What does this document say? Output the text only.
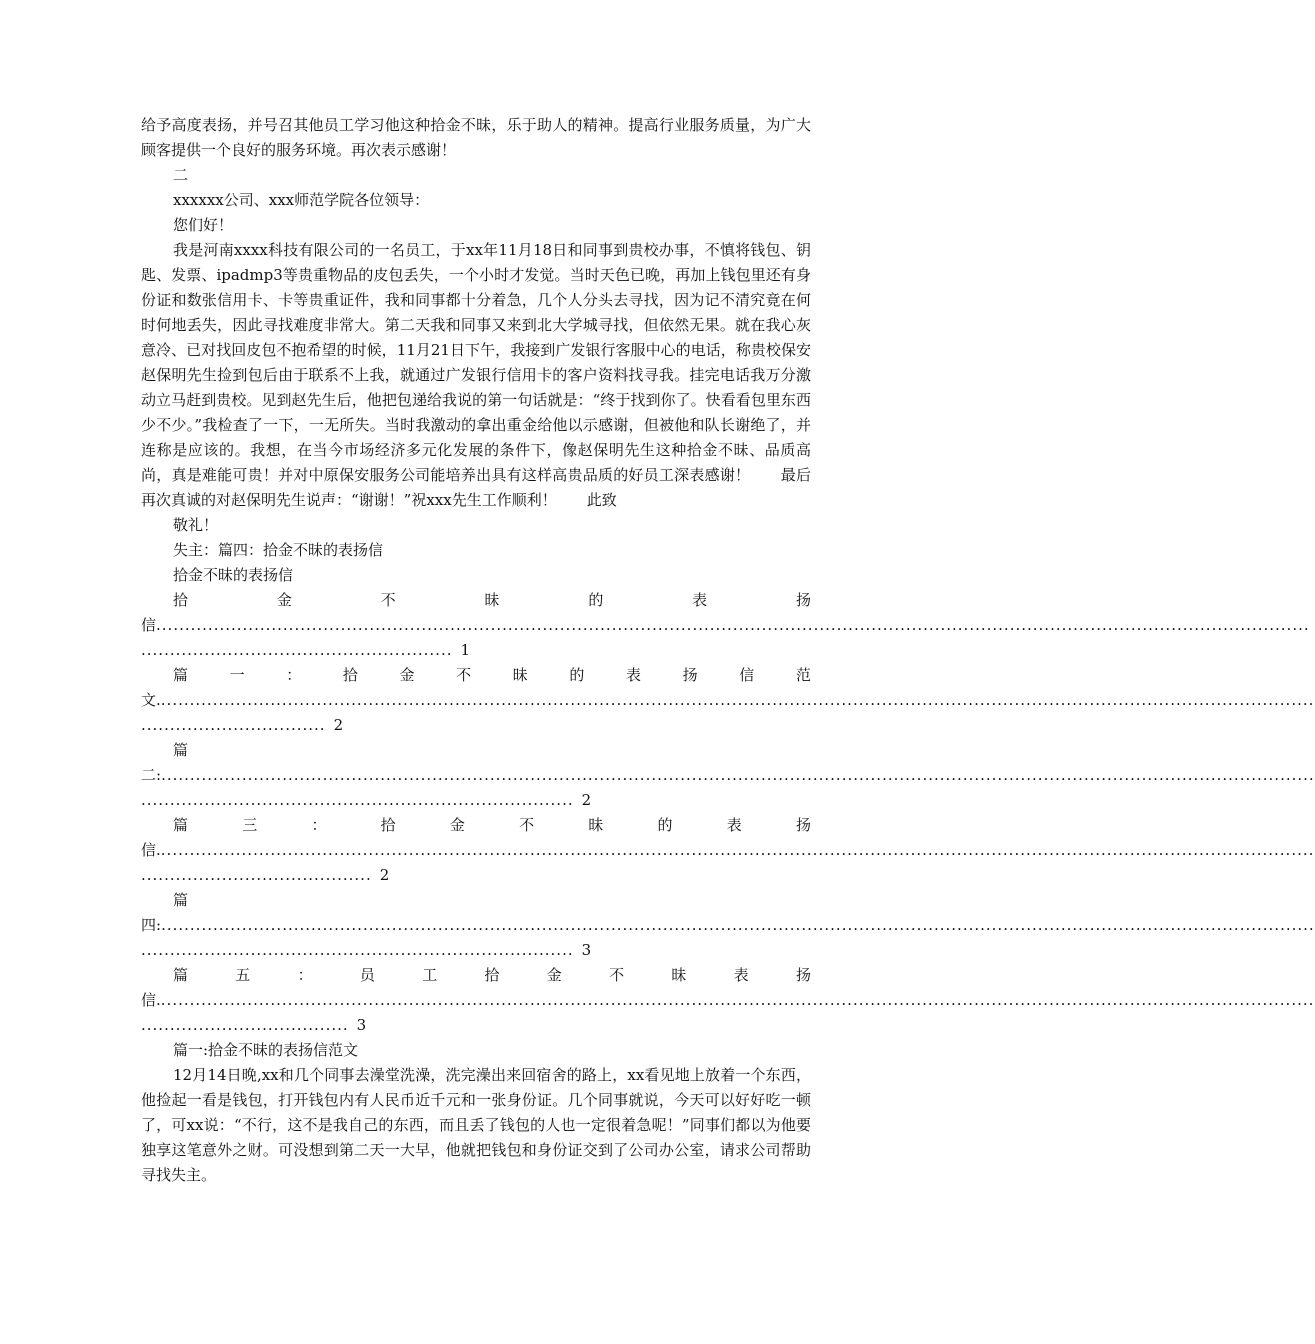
给予高度表扬，并号召其他员工学习他这种拾金不昧，乐于助人的精神。提高行业服务质量，为广大顾客提供一个良好的服务环境。再次表示感谢！

二

xxxxxx公司、xxx师范学院各位领导：

您们好！

我是河南xxxx科技有限公司的一名员工，于xx年11月18日和同事到贵校办事，不慎将钱包、钥匙、发票、ipadmp3等贵重物品的皮包丢失，一个小时才发觉。当时天色已晚，再加上钱包里还有身份证和数张信用卡、卡等贵重证件，我和同事都十分着急，几个人分头去寻找，因为记不清究竟在何时何地丢失，因此寻找难度非常大。第二天我和同事又来到北大学城寻找，但依然无果。就在我心灰意冷、已对找回皮包不抱希望的时候，11月21日下午，我接到广发银行客服中心的电话，称贵校保安赵保明先生捡到包后由于联系不上我，就通过广发银行信用卡的客户资料找寻我。挂完电话我万分激动立马赶到贵校。见到赵先生后，他把包递给我说的第一句话就是：“终于找到你了。快看看包里东西少不少。”我检查了一下，一无所失。当时我激动的拿出重金给他以示感谢，但被他和队长谢绝了，并连称是应该的。我想，在当今市场经济多元化发展的条件下，像赵保明先生这种拾金不昧、品质高尚，真是难能可贵！并对中原保安服务公司能培养出具有这样高贵品质的好员工深表感谢！　　最后再次真诚的对赵保明先生说声：“谢谢！”祝xxx先生工作顺利！　　此致

敬礼！

失主：篇四：拾金不昧的表扬信

拾金不昧的表扬信

拾	金	不	昧	的	表	扬
信 ........................................................................................................................................................................................................
...................................................... 1
篇	一	：	拾	金	不	昧	的	表	扬	信	范
文. ........................................................................................................................................................................................................
................................ 2
篇
二: ........................................................................................................................................................................................................
........................................................................... 2
篇	三	：	拾	金	不	昧	的	表	扬
信. ........................................................................................................................................................................................................
........................................ 2
篇
四: ........................................................................................................................................................................................................
........................................................................... 3
篇	五	：	员	工	拾	金	不	昧	表	扬
信. ........................................................................................................................................................................................................
.................................... 3

篇一:拾金不昧的表扬信范文

12月14日晚,xx和几个同事去澡堂洗澡，洗完澡出来回宿舍的路上，xx看见地上放着一个东西，他捡起一看是钱包，打开钱包内有人民币近千元和一张身份证。几个同事就说，今天可以好好吃一顿了，可xx说：“不行，这不是我自己的东西，而且丢了钱包的人也一定很着急呢！”同事们都以为他要独享这笔意外之财。可没想到第二天一大早，他就把钱包和身份证交到了公司办公室，请求公司帮助寻找失主。
